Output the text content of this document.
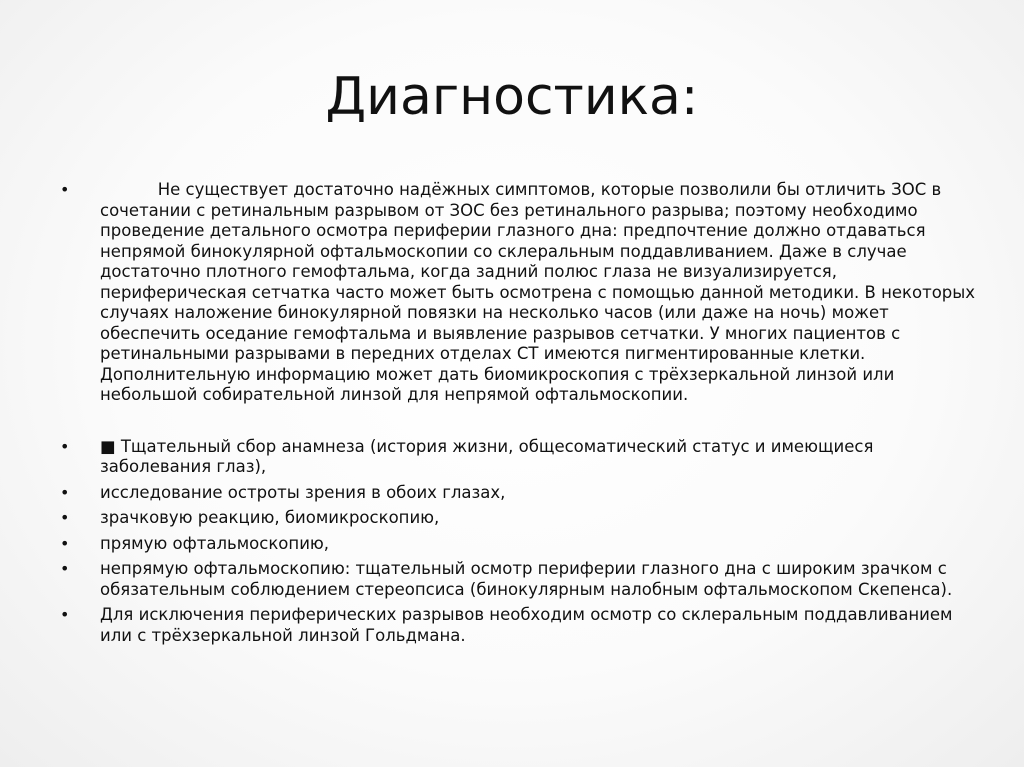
Диагностика:
• Не существует достаточно надёжных симптомов, которые позволили бы отличить ЗОС в сочетании с ретинальным разрывом от ЗОС без ретинального разрыва; поэтому необходимо проведение детального осмотра периферии глазного дна: предпочтение должно отдаваться непрямой бинокулярной офтальмоскопии со склеральным поддавливанием. Даже в случае достаточно плотного гемофтальма, когда задний полюс глаза не визуализируется, периферическая сетчатка часто может быть осмотрена с помощью данной методики. В некоторых случаях наложение бинокулярной повязки на несколько часов (или даже на ночь) может обеспечить оседание гемофтальма и выявление разрывов сетчатки. У многих пациентов с ретинальными разрывами в передних отделах СТ имеются пигментированные клетки. Дополнительную информацию может дать биомикроскопия с трёхзеркальной линзой или небольшой собирательной линзой для непрямой офтальмоскопии.
• ■ Тщательный сбор анамнеза (история жизни, общесоматический статус и имеющиеся заболевания глаз),
• исследование остроты зрения в обоих глазах,
• зрачковую реакцию, биомикроскопию,
• прямую офтальмоскопию,
• непрямую офтальмоскопию: тщательный осмотр периферии глазного дна с широким зрачком с обязательным соблюдением стереопсиса (бинокулярным налобным офтальмоскопом Скепенса).
• Для исключения периферических разрывов необходим осмотр со склеральным поддавливанием или с трёхзеркальной линзой Гольдмана.
